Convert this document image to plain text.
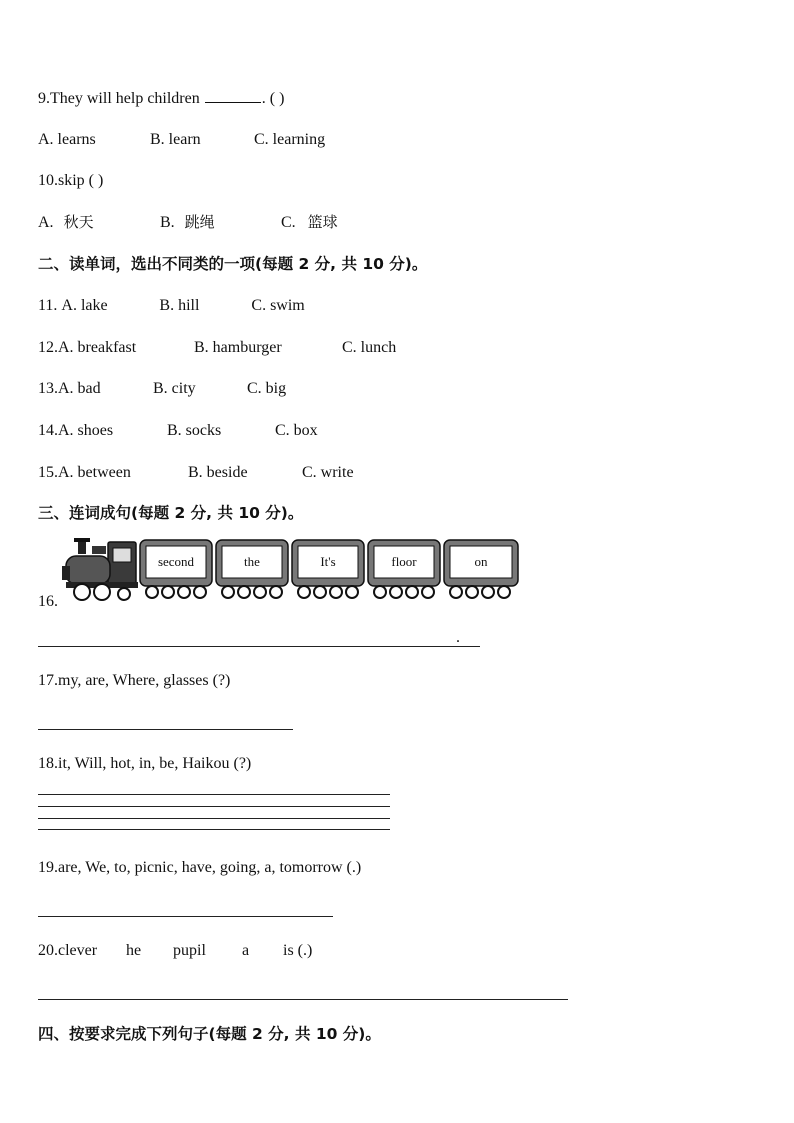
9.They will help children	. ( )
A. learns	B. learn	C. learning
10.skip ( )
A. 秋天	B. 跳绳	C. 篮球
二、读单词，选出不同类的一项(每题 2 分, 共 10 分)。
11. A. lake	B. hill	C. swim
12.A. breakfast	B. hamburger	C. lunch
13.A. bad	B. city	C. big
14.A. shoes	B. socks	C. box
15.A. between	B. beside	C. write
三、连词成句(每题 2 分, 共 10 分)。
16.
second	the	It's	floor	on
.
17.my, are, Where, glasses (?)
18.it, Will, hot, in, be, Haikou (?)
19.are, We, to, picnic, have, going, a, tomorrow (.)
20.clever he pupil a is (.)
四、按要求完成下列句子(每题 2 分, 共 10 分)。
